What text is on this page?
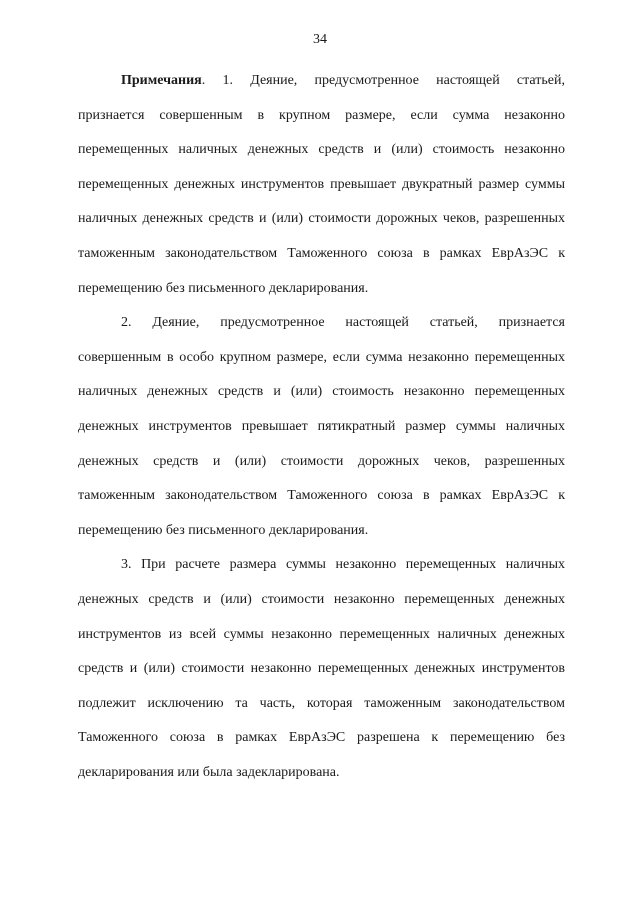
34

Примечания. 1. Деяние, предусмотренное настоящей статьей, признается совершенным в крупном размере, если сумма незаконно перемещенных наличных денежных средств и (или) стоимость незаконно перемещенных денежных инструментов превышает двукратный размер суммы наличных денежных средств и (или) стоимости дорожных чеков, разрешенных таможенным законодательством Таможенного союза в рамках ЕврАзЭС к перемещению без письменного декларирования.

2. Деяние, предусмотренное настоящей статьей, признается совершенным в особо крупном размере, если сумма незаконно перемещенных наличных денежных средств и (или) стоимость незаконно перемещенных денежных инструментов превышает пятикратный размер суммы наличных денежных средств и (или) стоимости дорожных чеков, разрешенных таможенным законодательством Таможенного союза в рамках ЕврАзЭС к перемещению без письменного декларирования.

3. При расчете размера суммы незаконно перемещенных наличных денежных средств и (или) стоимости незаконно перемещенных денежных инструментов из всей суммы незаконно перемещенных наличных денежных средств и (или) стоимости незаконно перемещенных денежных инструментов подлежит исключению та часть, которая таможенным законодательством Таможенного союза в рамках ЕврАзЭС разрешена к перемещению без декларирования или была задекларирована.
